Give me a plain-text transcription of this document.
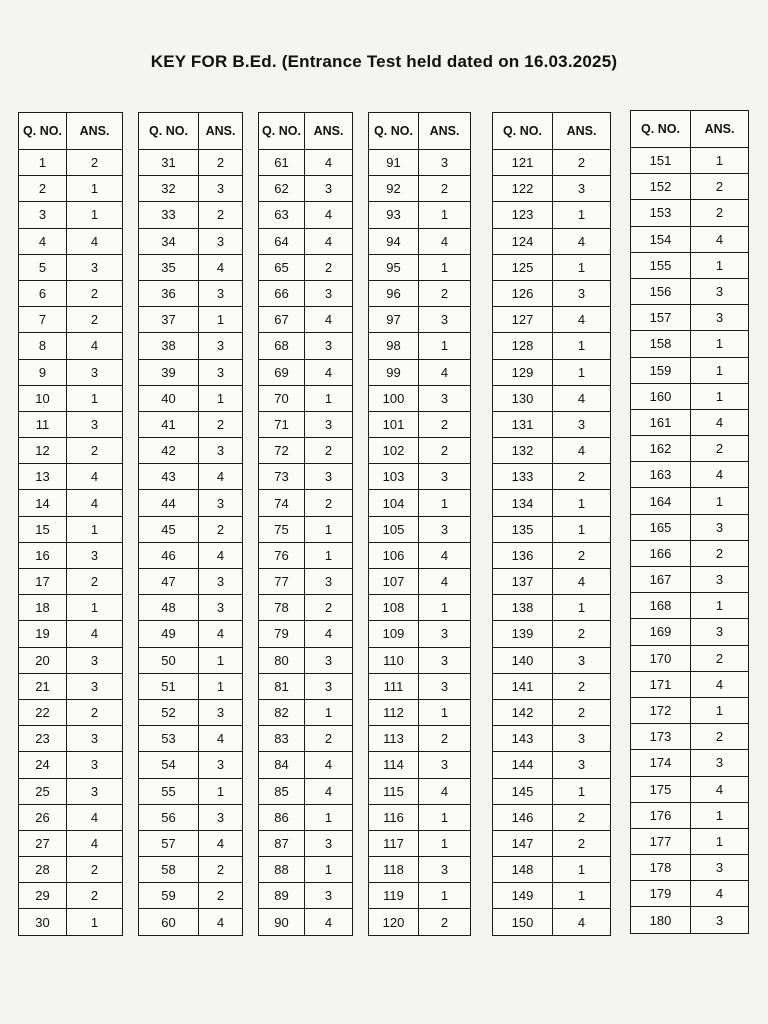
KEY FOR B.Ed. (Entrance Test held dated on 16.03.2025)
Q. NO.	ANS.
1	2
2	1
3	1
4	4
5	3
6	2
7	2
8	4
9	3
10	1
11	3
12	2
13	4
14	4
15	1
16	3
17	2
18	1
19	4
20	3
21	3
22	2
23	3
24	3
25	3
26	4
27	4
28	2
29	2
30	1
Q. NO.	ANS.
31	2
32	3
33	2
34	3
35	4
36	3
37	1
38	3
39	3
40	1
41	2
42	3
43	4
44	3
45	2
46	4
47	3
48	3
49	4
50	1
51	1
52	3
53	4
54	3
55	1
56	3
57	4
58	2
59	2
60	4
Q. NO.	ANS.
61	4
62	3
63	4
64	4
65	2
66	3
67	4
68	3
69	4
70	1
71	3
72	2
73	3
74	2
75	1
76	1
77	3
78	2
79	4
80	3
81	3
82	1
83	2
84	4
85	4
86	1
87	3
88	1
89	3
90	4
Q. NO.	ANS.
91	3
92	2
93	1
94	4
95	1
96	2
97	3
98	1
99	4
100	3
101	2
102	2
103	3
104	1
105	3
106	4
107	4
108	1
109	3
110	3
111	3
112	1
113	2
114	3
115	4
116	1
117	1
118	3
119	1
120	2
Q. NO.	ANS.
121	2
122	3
123	1
124	4
125	1
126	3
127	4
128	1
129	1
130	4
131	3
132	4
133	2
134	1
135	1
136	2
137	4
138	1
139	2
140	3
141	2
142	2
143	3
144	3
145	1
146	2
147	2
148	1
149	1
150	4
Q. NO.	ANS.
151	1
152	2
153	2
154	4
155	1
156	3
157	3
158	1
159	1
160	1
161	4
162	2
163	4
164	1
165	3
166	2
167	3
168	1
169	3
170	2
171	4
172	1
173	2
174	3
175	4
176	1
177	1
178	3
179	4
180	3
